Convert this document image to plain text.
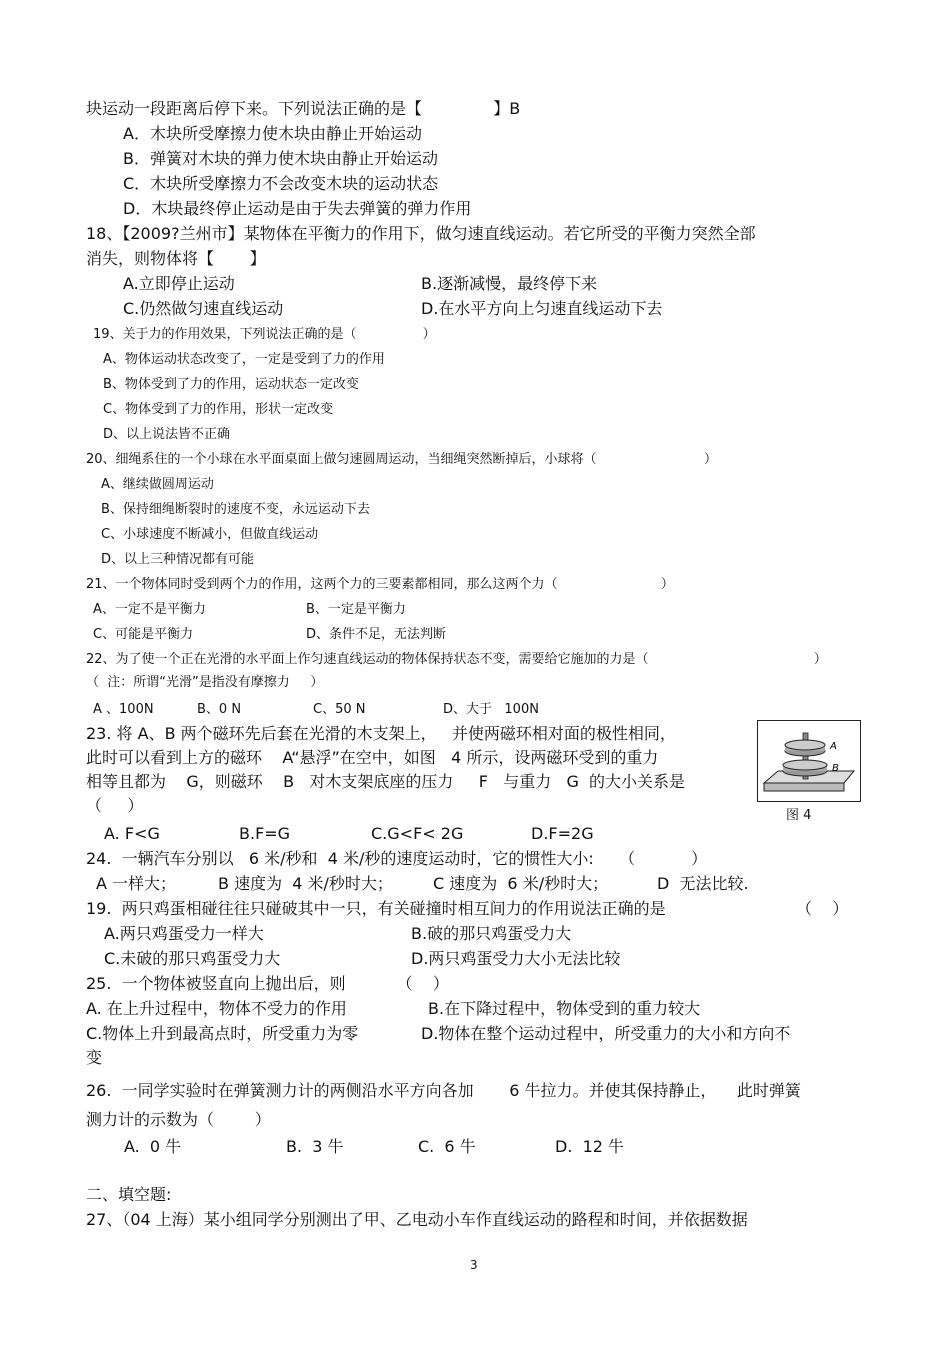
块运动一段距离后停下来。下列说法正确的是【              】B
A．木块所受摩擦力使木块由静止开始运动
B．弹簧对木块的弹力使木块由静止开始运动
C．木块所受摩擦力不会改变木块的运动状态
D．木块最终停止运动是由于失去弹簧的弹力作用
18、【2009?兰州市】某物体在平衡力的作用下，做匀速直线运动。若它所受的平衡力突然全部
消失，则物体将【       】
A.立即停止运动	B.逐渐减慢，最终停下来
C.仍然做匀速直线运动	D.在水平方向上匀速直线运动下去
19、关于力的作用效果，下列说法正确的是（                ）
A、物体运动状态改变了，一定是受到了力的作用
B、物体受到了力的作用，运动状态一定改变
C、物体受到了力的作用，形状一定改变
D、以上说法皆不正确
20、细绳系住的一个小球在水平面桌面上做匀速圆周运动，当细绳突然断掉后，小球将（                          ）
A、继续做圆周运动
B、保持细绳断裂时的速度不变，永远运动下去
C、小球速度不断减小，但做直线运动
D、以上三种情况都有可能
21、一个物体同时受到两个力的作用，这两个力的三要素都相同，那么这两个力（                         ）
A、一定不是平衡力	B、一定是平衡力
C、可能是平衡力	D、条件不足，无法判断
22、为了使一个正在光滑的水平面上作匀速直线运动的物体保持状态不变，需要给它施加的力是（                                        ）
（  注：所谓“光滑”是指没有摩擦力     ）
A 、100N	B、0 N	C、50 N	D、大于   100N
23. 将 A、B 两个磁环先后套在光滑的木支架上，   并使两磁环相对面的极性相同，
此时可以看到上方的磁环    A“悬浮”在空中，如图   4 所示，设两磁环受到的重力
相等且都为    G，则磁环    B   对木支架底座的压力     F   与重力   G  的大小关系是
（     ）
A
B
图 4
A. F<G	B.F=G	C.G<F< 2G	D.F=2G
24.  一辆汽车分别以   6 米/秒和  4 米/秒的速度运动时，它的惯性大小:     （           ）
A 一样大；	B 速度为  4 米/秒时大；	C 速度为  6 米/秒时大；	D  无法比较.
19.  两只鸡蛋相碰往往只碰破其中一只，有关碰撞时相互间力的作用说法正确的是	（    ）
A.两只鸡蛋受力一样大	B.破的那只鸡蛋受力大
C.未破的那只鸡蛋受力大	D.两只鸡蛋受力大小无法比较
25.  一个物体被竖直向上抛出后，则          （    ）
A. 在上升过程中，物体不受力的作用	B.在下降过程中，物体受到的重力较大
C.物体上升到最高点时，所受重力为零	D.物体在整个运动过程中，所受重力的大小和方向不
变
26.  一同学实验时在弹簧测力计的两侧沿水平方向各加       6 牛拉力。并使其保持静止，    此时弹簧
测力计的示数为（        ）
A.  0 牛	B.  3 牛	C.  6 牛	D.  12 牛
二、填空题:
27、（04 上海）某小组同学分别测出了甲、乙电动小车作直线运动的路程和时间，并依据数据
3
